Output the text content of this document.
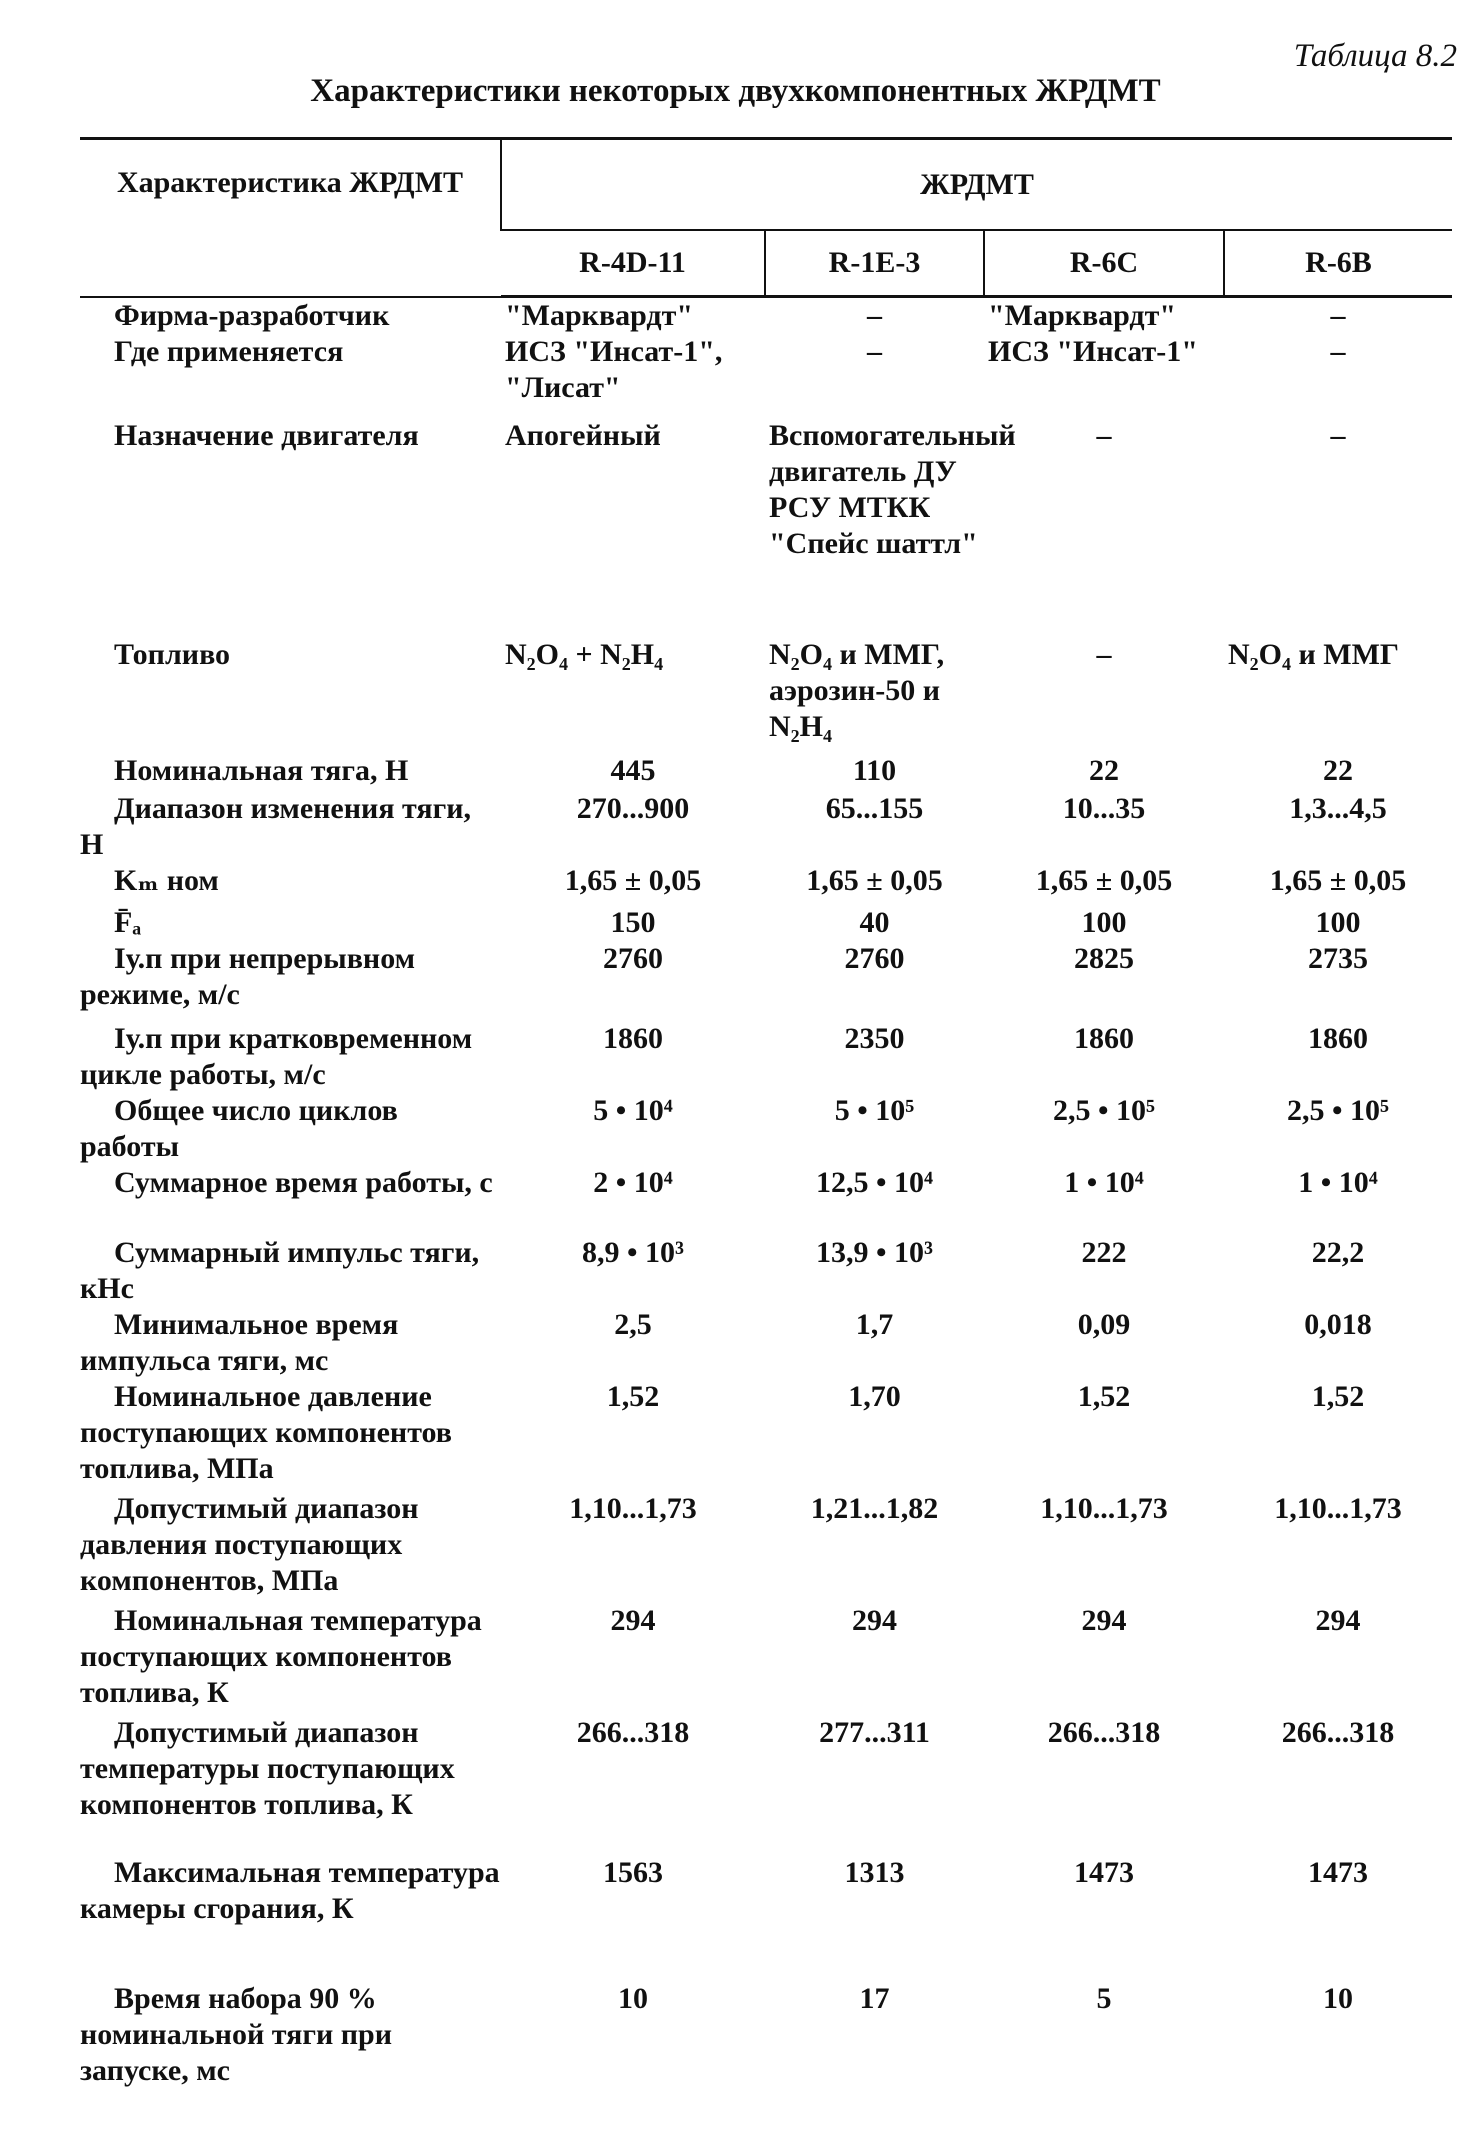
Таблица 8.2
Характеристики некоторых двухкомпонентных ЖРДМТ
Характеристика ЖРДМТ	ЖРДМТ			
	R-4D-11	R-1E-3	R-6C	R-6B
Фирма-разработчик	"Марквардт"	–	"Марквардт"	–
Где применяется	ИСЗ "Инсат-1", "Лисат"	–	ИСЗ "Инсат-1"	–
Назначение двигателя	Апогейный	Вспомогательный двигатель ДУ РСУ МТКК "Спейс шаттл"	–	–
Топливо	N₂O₄ + N₂H₄	N₂O₄ и ММГ, аэрозин-50 и N₂H₄	–	N₂O₄ и ММГ
Номинальная тяга, Н	445	110	22	22
Диапазон изменения тяги, Н	270...900	65...155	10...35	1,3...4,5
Kₘ ном	1,65 ± 0,05	1,65 ± 0,05	1,65 ± 0,05	1,65 ± 0,05
F̄ₐ	150	40	100	100
Iу.п при непрерывном режиме, м/с	2760	2760	2825	2735
Iу.п при кратковременном цикле работы, м/с	1860	2350	1860	1860
Общее число циклов работы	5 • 10⁴	5 • 10⁵	2,5 • 10⁵	2,5 • 10⁵
Суммарное время работы, с	2 • 10⁴	12,5 • 10⁴	1 • 10⁴	1 • 10⁴
Суммарный импульс тяги, кНс	8,9 • 10³	13,9 • 10³	222	22,2
Минимальное время импульса тяги, мс	2,5	1,7	0,09	0,018
Номинальное давление поступающих компонентов топлива, МПа	1,52	1,70	1,52	1,52
Допустимый диапазон давления поступающих компонентов, МПа	1,10...1,73	1,21...1,82	1,10...1,73	1,10...1,73
Номинальная температура поступающих компонентов топлива, К	294	294	294	294
Допустимый диапазон температуры поступающих компонентов топлива, К	266...318	277...311	266...318	266...318
Максимальная температура камеры сгорания, К	1563	1313	1473	1473
Время набора 90 % номинальной тяги при запуске, мс	10	17	5	10
